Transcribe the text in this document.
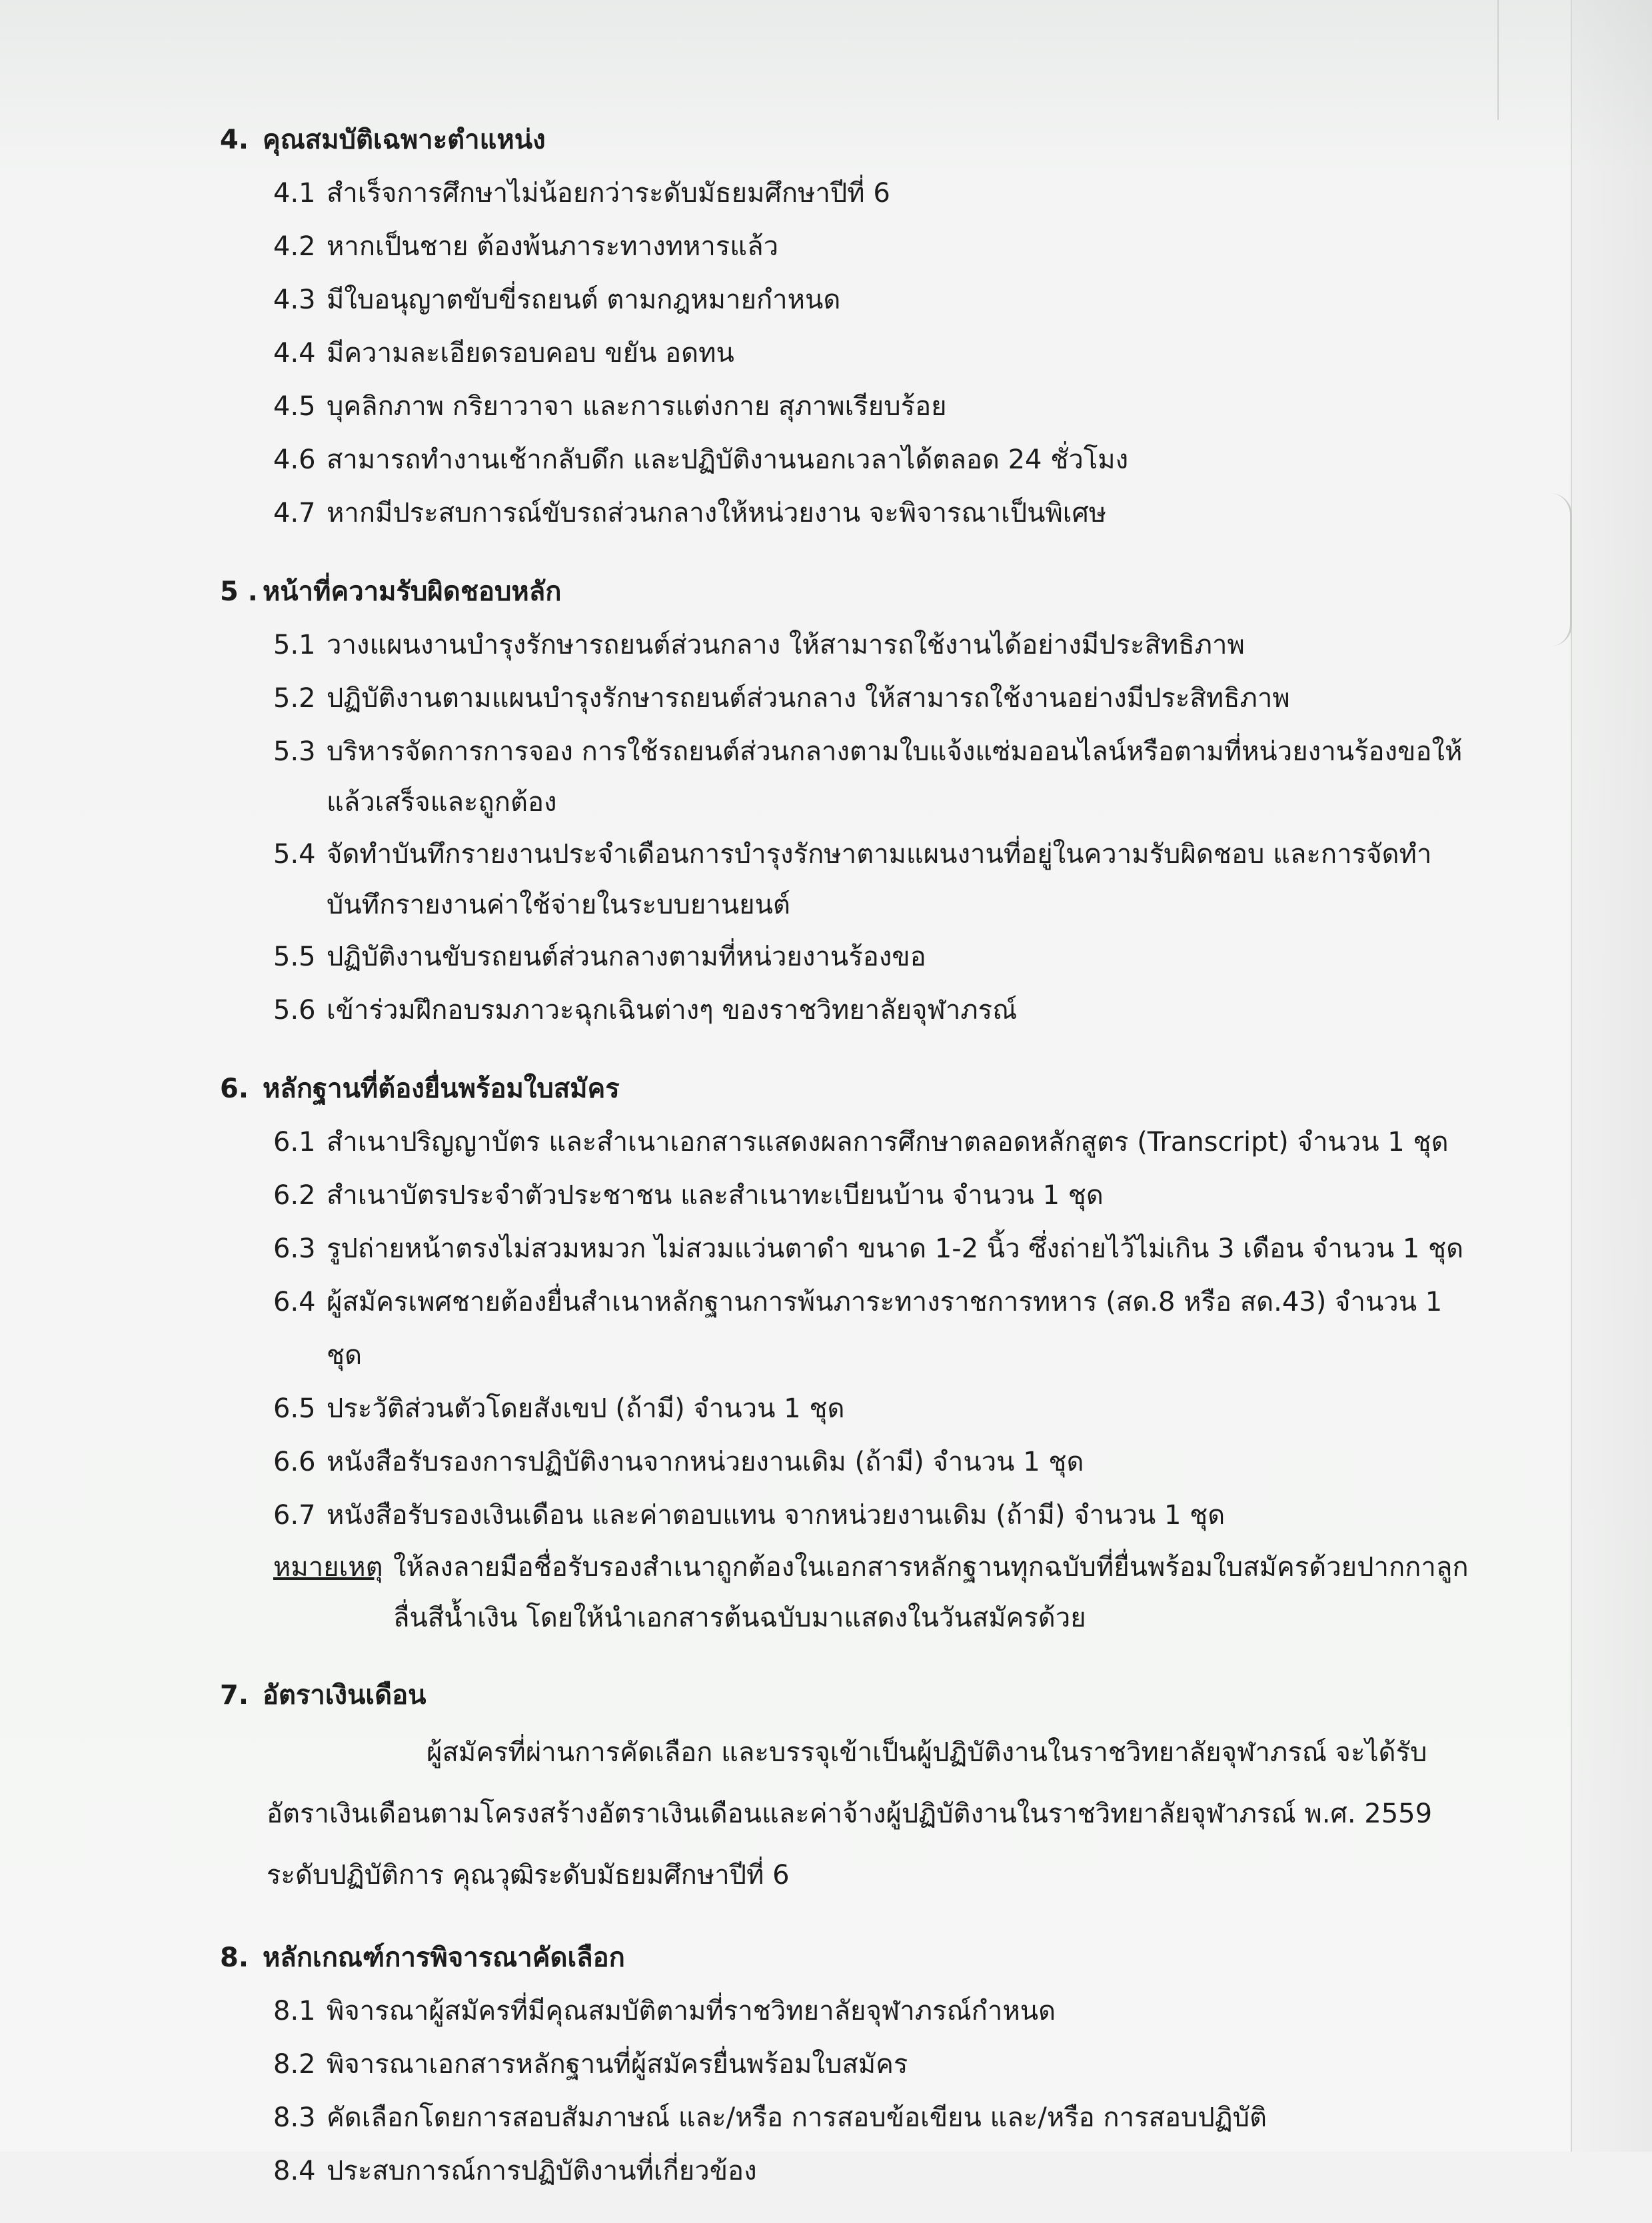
4. คุณสมบัติเฉพาะตำแหน่ง
4.1 สำเร็จการศึกษาไม่น้อยกว่าระดับมัธยมศึกษาปีที่ 6
4.2 หากเป็นชาย ต้องพ้นภาระทางทหารแล้ว
4.3 มีใบอนุญาตขับขี่รถยนต์ ตามกฎหมายกำหนด
4.4 มีความละเอียดรอบคอบ ขยัน อดทน
4.5 บุคลิกภาพ กริยาวาจา และการแต่งกาย สุภาพเรียบร้อย
4.6 สามารถทำงานเช้ากลับดึก และปฏิบัติงานนอกเวลาได้ตลอด 24 ชั่วโมง
4.7 หากมีประสบการณ์ขับรถส่วนกลางให้หน่วยงาน จะพิจารณาเป็นพิเศษ
5 . หน้าที่ความรับผิดชอบหลัก
5.1 วางแผนงานบำรุงรักษารถยนต์ส่วนกลาง ให้สามารถใช้งานได้อย่างมีประสิทธิภาพ
5.2 ปฏิบัติงานตามแผนบำรุงรักษารถยนต์ส่วนกลาง ให้สามารถใช้งานอย่างมีประสิทธิภาพ
5.3 บริหารจัดการการจอง การใช้รถยนต์ส่วนกลางตามใบแจ้งแซ่มออนไลน์หรือตามที่หน่วยงานร้องขอให้แล้วเสร็จและถูกต้อง
5.4 จัดทำบันทึกรายงานประจำเดือนการบำรุงรักษาตามแผนงานที่อยู่ในความรับผิดชอบ และการจัดทำบันทึกรายงานค่าใช้จ่ายในระบบยานยนต์
5.5 ปฏิบัติงานขับรถยนต์ส่วนกลางตามที่หน่วยงานร้องขอ
5.6 เข้าร่วมฝึกอบรมภาวะฉุกเฉินต่างๆ ของราชวิทยาลัยจุฬาภรณ์
6. หลักฐานที่ต้องยื่นพร้อมใบสมัคร
6.1 สำเนาปริญญาบัตร และสำเนาเอกสารแสดงผลการศึกษาตลอดหลักสูตร (Transcript) จำนวน 1 ชุด
6.2 สำเนาบัตรประจำตัวประชาชน และสำเนาทะเบียนบ้าน จำนวน 1 ชุด
6.3 รูปถ่ายหน้าตรงไม่สวมหมวก ไม่สวมแว่นตาดำ ขนาด 1-2 นิ้ว ซึ่งถ่ายไว้ไม่เกิน 3 เดือน จำนวน 1 ชุด
6.4 ผู้สมัครเพศชายต้องยื่นสำเนาหลักฐานการพ้นภาระทางราชการทหาร (สด.8 หรือ สด.43) จำนวน 1 ชุด
6.5 ประวัติส่วนตัวโดยสังเขป (ถ้ามี) จำนวน 1 ชุด
6.6 หนังสือรับรองการปฏิบัติงานจากหน่วยงานเดิม (ถ้ามี) จำนวน 1 ชุด
6.7 หนังสือรับรองเงินเดือน และค่าตอบแทน จากหน่วยงานเดิม (ถ้ามี) จำนวน 1 ชุด
หมายเหตุ ให้ลงลายมือชื่อรับรองสำเนาถูกต้องในเอกสารหลักฐานทุกฉบับที่ยื่นพร้อมใบสมัครด้วยปากกาลูกลื่นสีน้ำเงิน โดยให้นำเอกสารต้นฉบับมาแสดงในวันสมัครด้วย
7. อัตราเงินเดือน
ผู้สมัครที่ผ่านการคัดเลือก และบรรจุเข้าเป็นผู้ปฏิบัติงานในราชวิทยาลัยจุฬาภรณ์ จะได้รับอัตราเงินเดือนตามโครงสร้างอัตราเงินเดือนและค่าจ้างผู้ปฏิบัติงานในราชวิทยาลัยจุฬาภรณ์ พ.ศ. 2559 ระดับปฏิบัติการ คุณวุฒิระดับมัธยมศึกษาปีที่ 6
8. หลักเกณฑ์การพิจารณาคัดเลือก
8.1 พิจารณาผู้สมัครที่มีคุณสมบัติตามที่ราชวิทยาลัยจุฬาภรณ์กำหนด
8.2 พิจารณาเอกสารหลักฐานที่ผู้สมัครยื่นพร้อมใบสมัคร
8.3 คัดเลือกโดยการสอบสัมภาษณ์ และ/หรือ การสอบข้อเขียน และ/หรือ การสอบปฏิบัติ
8.4 ประสบการณ์การปฏิบัติงานที่เกี่ยวข้อง
